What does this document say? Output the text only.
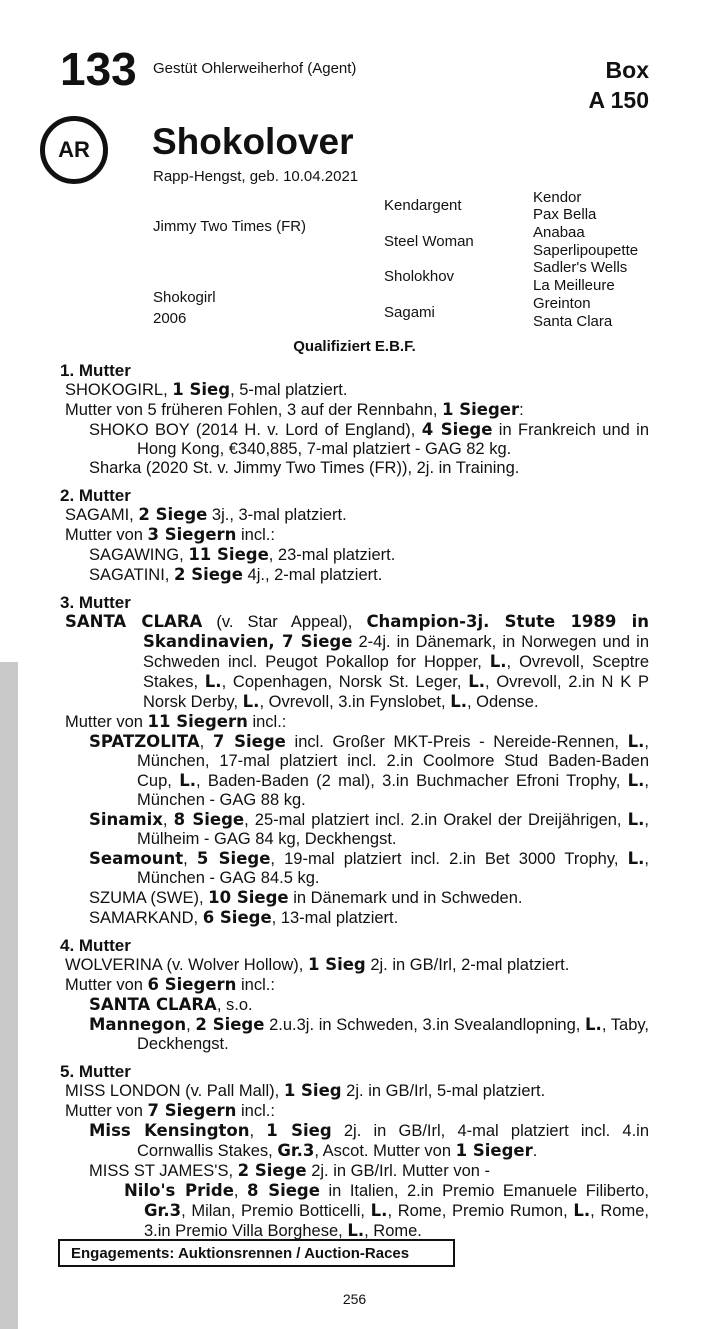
133 Gestüt Ohlerweiherhof (Agent)	Box
A 150
AR	Shokolover
Rapp-Hengst, geb. 10.04.2021
Jimmy Two Times (FR)
Shokogirl
2006
Kendargent
Steel Woman
Sholokhov
Sagami
Kendor
Pax Bella
Anabaa
Saperlipoupette
Sadler's Wells
La Meilleure
Greinton
Santa Clara
Qualifiziert E.B.F.
1. Mutter
SHOKOGIRL, 1 Sieg, 5-mal platziert.
Mutter von 5 früheren Fohlen, 3 auf der Rennbahn, 1 Sieger:
SHOKO BOY (2014 H. v. Lord of England), 4 Siege in Frankreich und in Hong Kong, €340,885, 7-mal platziert - GAG 82 kg.
Sharka (2020 St. v. Jimmy Two Times (FR)), 2j. in Training.
2. Mutter
SAGAMI, 2 Siege 3j., 3-mal platziert.
Mutter von 3 Siegern incl.:
SAGAWING, 11 Siege, 23-mal platziert.
SAGATINI, 2 Siege 4j., 2-mal platziert.
3. Mutter
SANTA CLARA (v. Star Appeal), Champion-3j. Stute 1989 in Skandinavien, 7 Siege 2-4j. in Dänemark, in Norwegen und in Schweden incl. Peugot Pokallop for Hopper, L., Ovrevoll, Sceptre Stakes, L., Copenhagen, Norsk St. Leger, L., Ovrevoll, 2.in N K P Norsk Derby, L., Ovrevoll, 3.in Fynslobet, L., Odense.
Mutter von 11 Siegern incl.:
SPATZOLITA, 7 Siege incl. Großer MKT-Preis - Nereide-Rennen, L., München, 17-mal platziert incl. 2.in Coolmore Stud Baden-Baden Cup, L., Baden-Baden (2 mal), 3.in Buchmacher Efroni Trophy, L., München - GAG 88 kg.
Sinamix, 8 Siege, 25-mal platziert incl. 2.in Orakel der Dreijährigen, L., Mülheim - GAG 84 kg, Deckhengst.
Seamount, 5 Siege, 19-mal platziert incl. 2.in Bet 3000 Trophy, L., München - GAG 84.5 kg.
SZUMA (SWE), 10 Siege in Dänemark und in Schweden.
SAMARKAND, 6 Siege, 13-mal platziert.
4. Mutter
WOLVERINA (v. Wolver Hollow), 1 Sieg 2j. in GB/Irl, 2-mal platziert.
Mutter von 6 Siegern incl.:
SANTA CLARA, s.o.
Mannegon, 2 Siege 2.u.3j. in Schweden, 3.in Svealandlopning, L., Taby, Deckhengst.
5. Mutter
MISS LONDON (v. Pall Mall), 1 Sieg 2j. in GB/Irl, 5-mal platziert.
Mutter von 7 Siegern incl.:
Miss Kensington, 1 Sieg 2j. in GB/Irl, 4-mal platziert incl. 4.in Cornwallis Stakes, Gr.3, Ascot. Mutter von 1 Sieger.
MISS ST JAMES'S, 2 Siege 2j. in GB/Irl. Mutter von -
Nilo's Pride, 8 Siege in Italien, 2.in Premio Emanuele Filiberto, Gr.3, Milan, Premio Botticelli, L., Rome, Premio Rumon, L., Rome, 3.in Premio Villa Borghese, L., Rome.
Engagements: Auktionsrennen / Auction-Races
256
